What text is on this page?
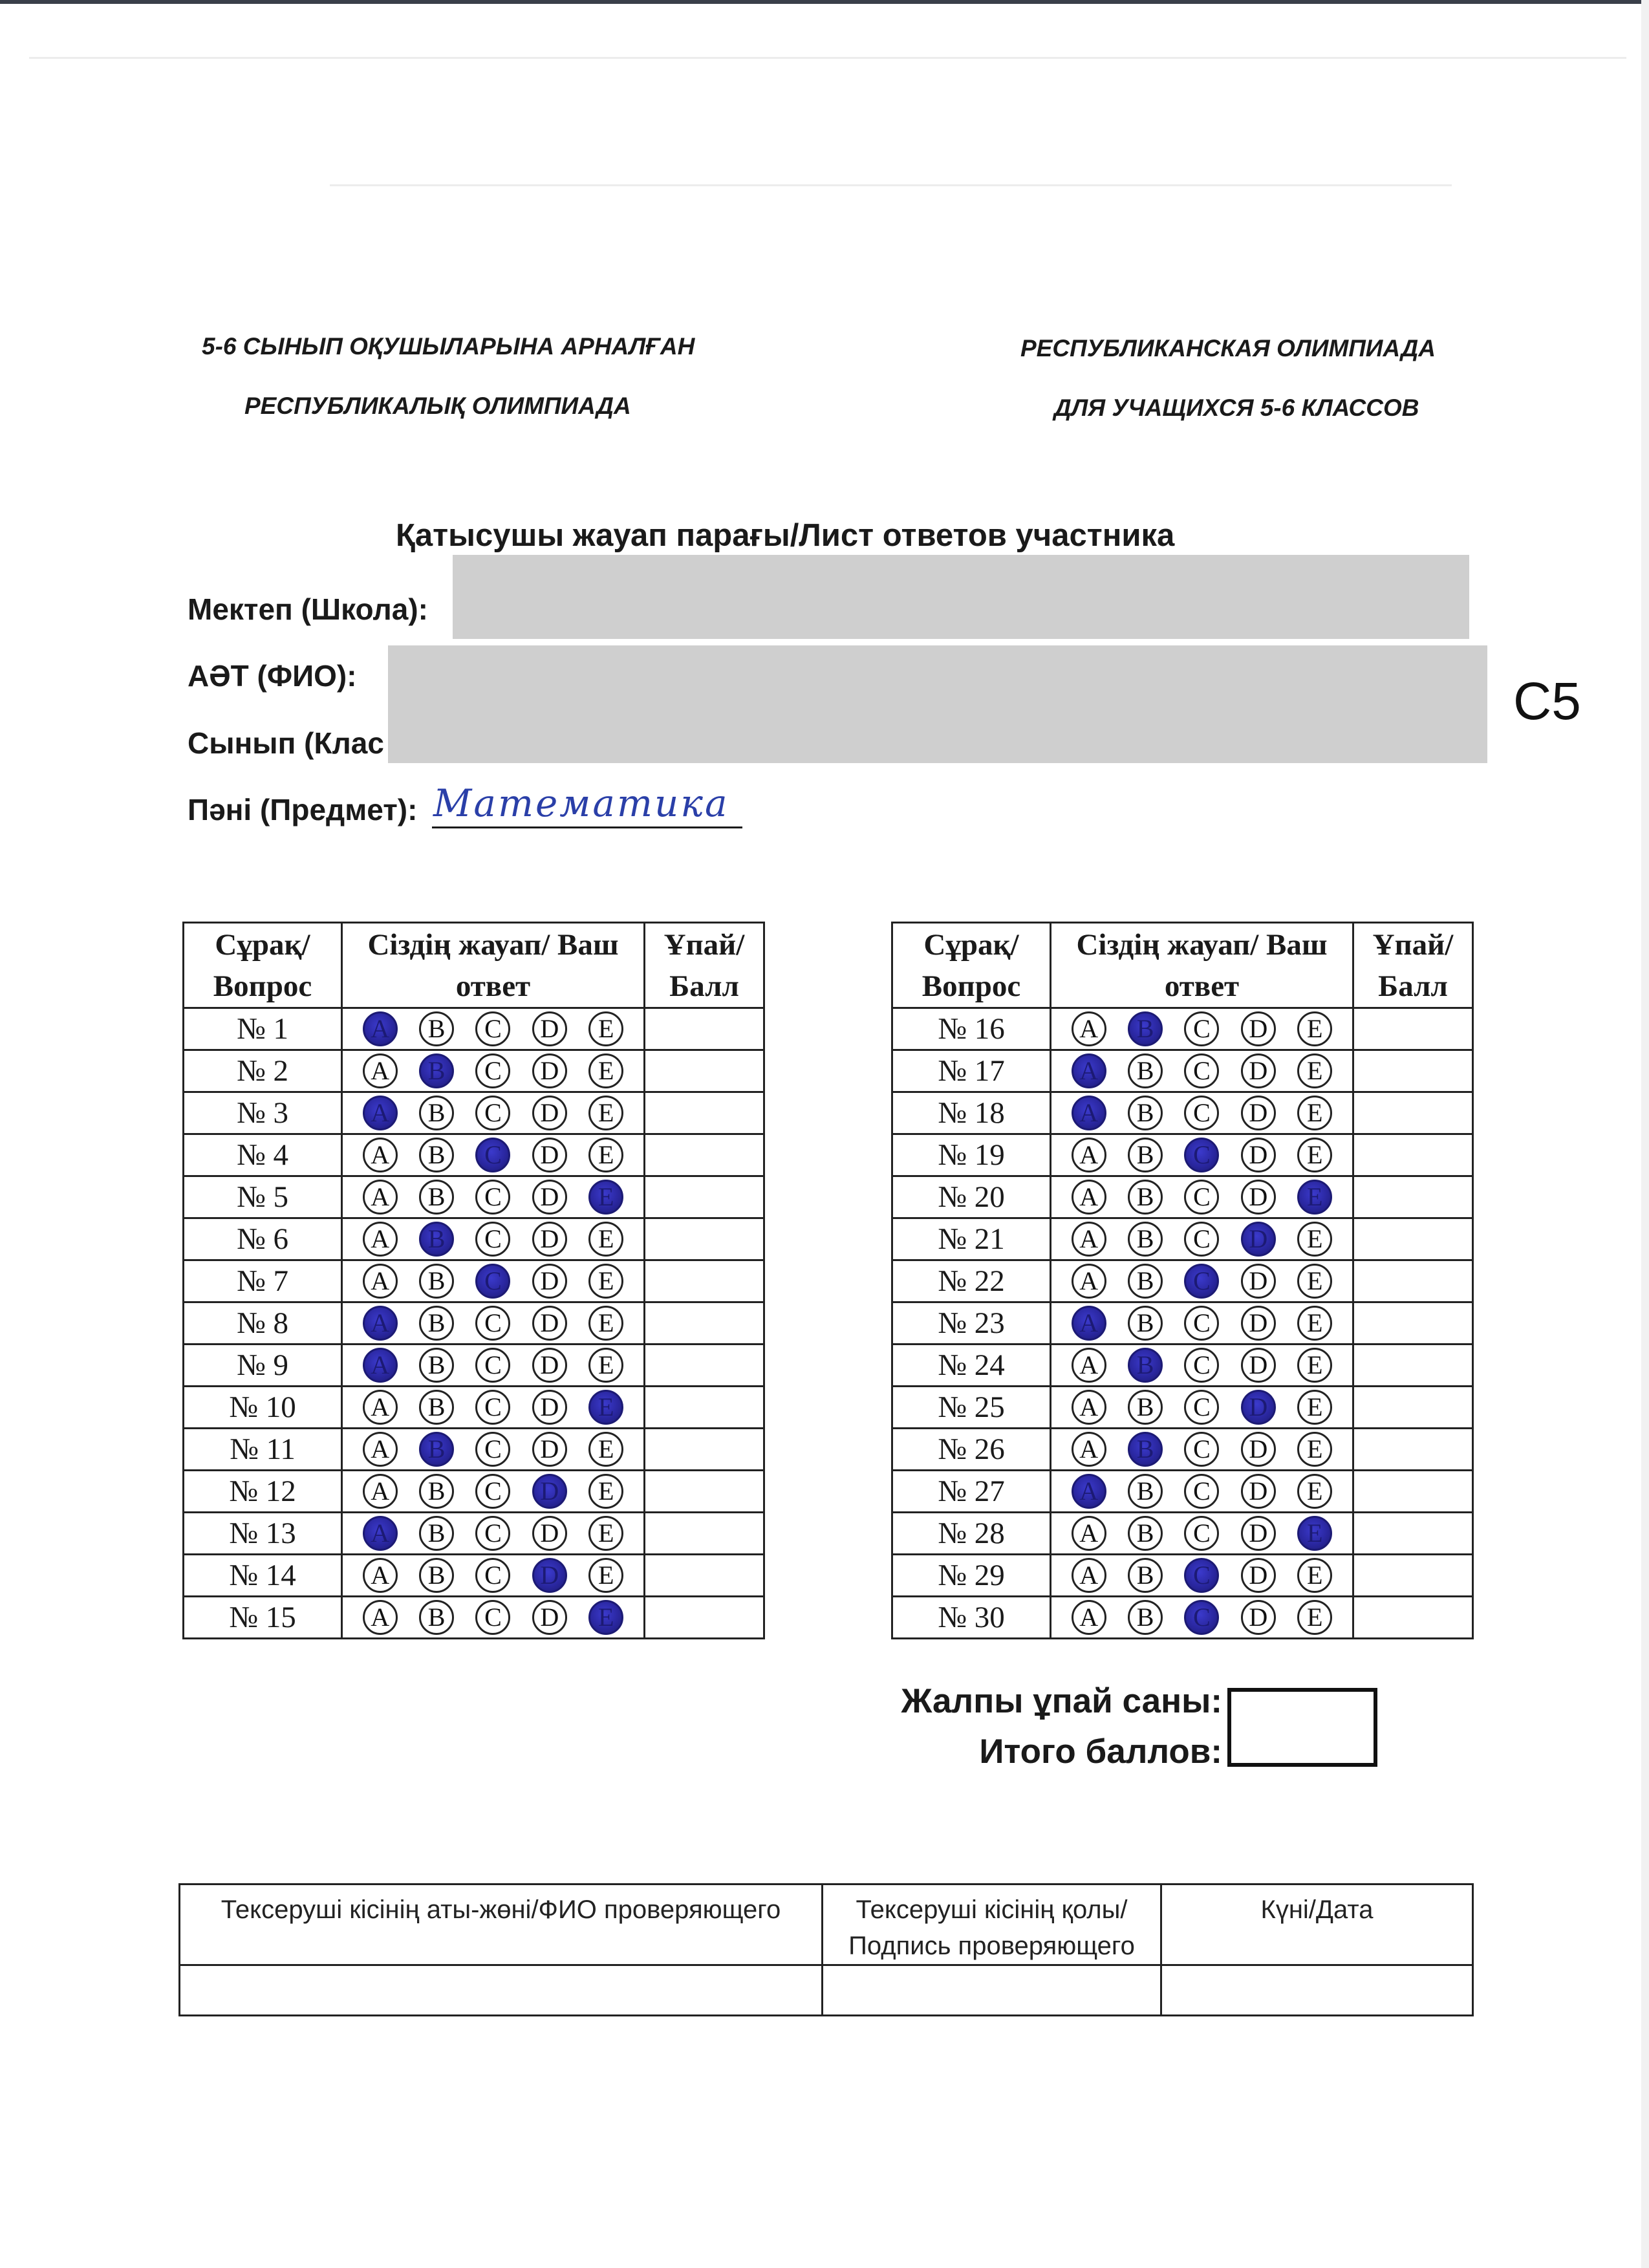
5-6 СЫНЫП ОҚУШЫЛАРЫНА АРНАЛҒАН
РЕСПУБЛИКАЛЫҚ ОЛИМПИАДА
РЕСПУБЛИКАНСКАЯ ОЛИМПИАДА
ДЛЯ УЧАЩИХСЯ 5-6 КЛАССОВ
Қатысушы жауап парағы/Лист ответов участника
Мектеп (Школа):
АӘТ (ФИО):
Сынып (Клас
Пәні (Предмет): Математика
C5
Сұрақ/ Вопрос	Сіздің жауап/ Ваш ответ	Ұпай/ Балл
№ 1	A B C D E	

№ 2	A B C D E	

№ 3	A B C D E	

№ 4	A B C D E	

№ 5	A B C D E	

№ 6	A B C D E	

№ 7	A B C D E	

№ 8	A B C D E	

№ 9	A B C D E	

№ 10	A B C D E	

№ 11	A B C D E	

№ 12	A B C D E	

№ 13	A B C D E	

№ 14	A B C D E	

№ 15	A B C D E	

Сұрақ/ Вопрос	Сіздің жауап/ Ваш ответ	Ұпай/ Балл
№ 16	A B C D E	

№ 17	A B C D E	

№ 18	A B C D E	

№ 19	A B C D E	

№ 20	A B C D E	

№ 21	A B C D E	

№ 22	A B C D E	

№ 23	A B C D E	

№ 24	A B C D E	

№ 25	A B C D E	

№ 26	A B C D E	

№ 27	A B C D E	

№ 28	A B C D E	

№ 29	A B C D E	

№ 30	A B C D E	

Жалпы ұпай саны:
Итого баллов:
Тексеруші кісінің аты-жөні/ФИО проверяющего	Тексеруші кісінің қолы/ Подпись проверяющего	Күні/Дата
